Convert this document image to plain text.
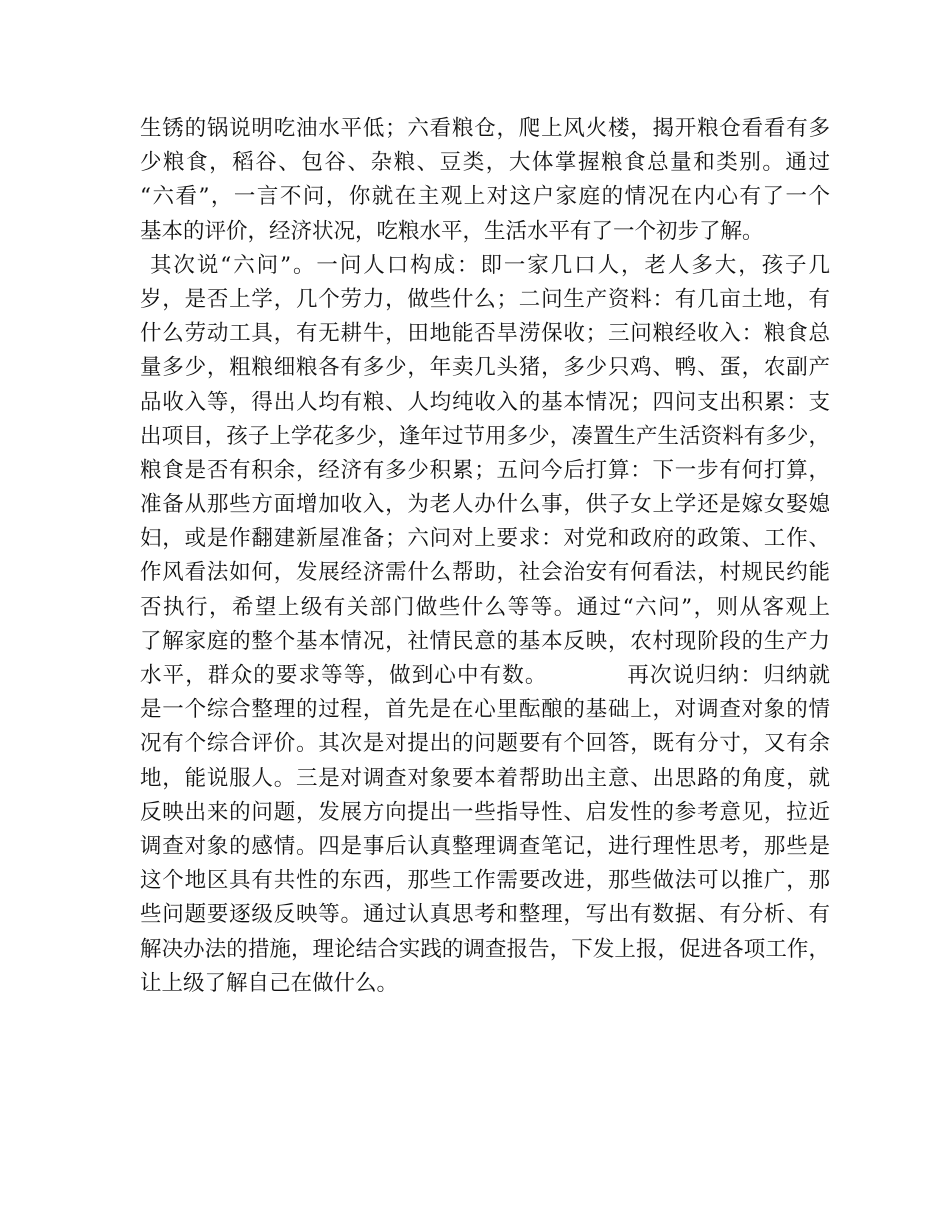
生锈的锅说明吃油水平低；六看粮仓，爬上风火楼，揭开粮仓看看有多
少粮食，稻谷、包谷、杂粮、豆类，大体掌握粮食总量和类别。通过
“六看”，一言不问，你就在主观上对这户家庭的情况在内心有了一个
基本的评价，经济状况，吃粮水平，生活水平有了一个初步了解。
其次说“六问”。一问人口构成：即一家几口人，老人多大，孩子几
岁，是否上学，几个劳力，做些什么；二问生产资料：有几亩土地，有
什么劳动工具，有无耕牛，田地能否旱涝保收；三问粮经收入：粮食总
量多少，粗粮细粮各有多少，年卖几头猪，多少只鸡、鸭、蛋，农副产
品收入等，得出人均有粮、人均纯收入的基本情况；四问支出积累：支
出项目，孩子上学花多少，逢年过节用多少，凑置生产生活资料有多少，
粮食是否有积余，经济有多少积累；五问今后打算：下一步有何打算，
准备从那些方面增加收入，为老人办什么事，供子女上学还是嫁女娶媳
妇，或是作翻建新屋准备；六问对上要求：对党和政府的政策、工作、
作风看法如何，发展经济需什么帮助，社会治安有何看法，村规民约能
否执行，希望上级有关部门做些什么等等。通过“六问”，则从客观上
了解家庭的整个基本情况，社情民意的基本反映，农村现阶段的生产力
水平，群众的要求等等，做到心中有数。          再次说归纳：归纳就
是一个综合整理的过程，首先是在心里酝酿的基础上，对调查对象的情
况有个综合评价。其次是对提出的问题要有个回答，既有分寸，又有余
地，能说服人。三是对调查对象要本着帮助出主意、出思路的角度，就
反映出来的问题，发展方向提出一些指导性、启发性的参考意见，拉近
调查对象的感情。四是事后认真整理调查笔记，进行理性思考，那些是
这个地区具有共性的东西，那些工作需要改进，那些做法可以推广，那
些问题要逐级反映等。通过认真思考和整理，写出有数据、有分析、有
解决办法的措施，理论结合实践的调查报告，下发上报，促进各项工作，
让上级了解自己在做什么。
